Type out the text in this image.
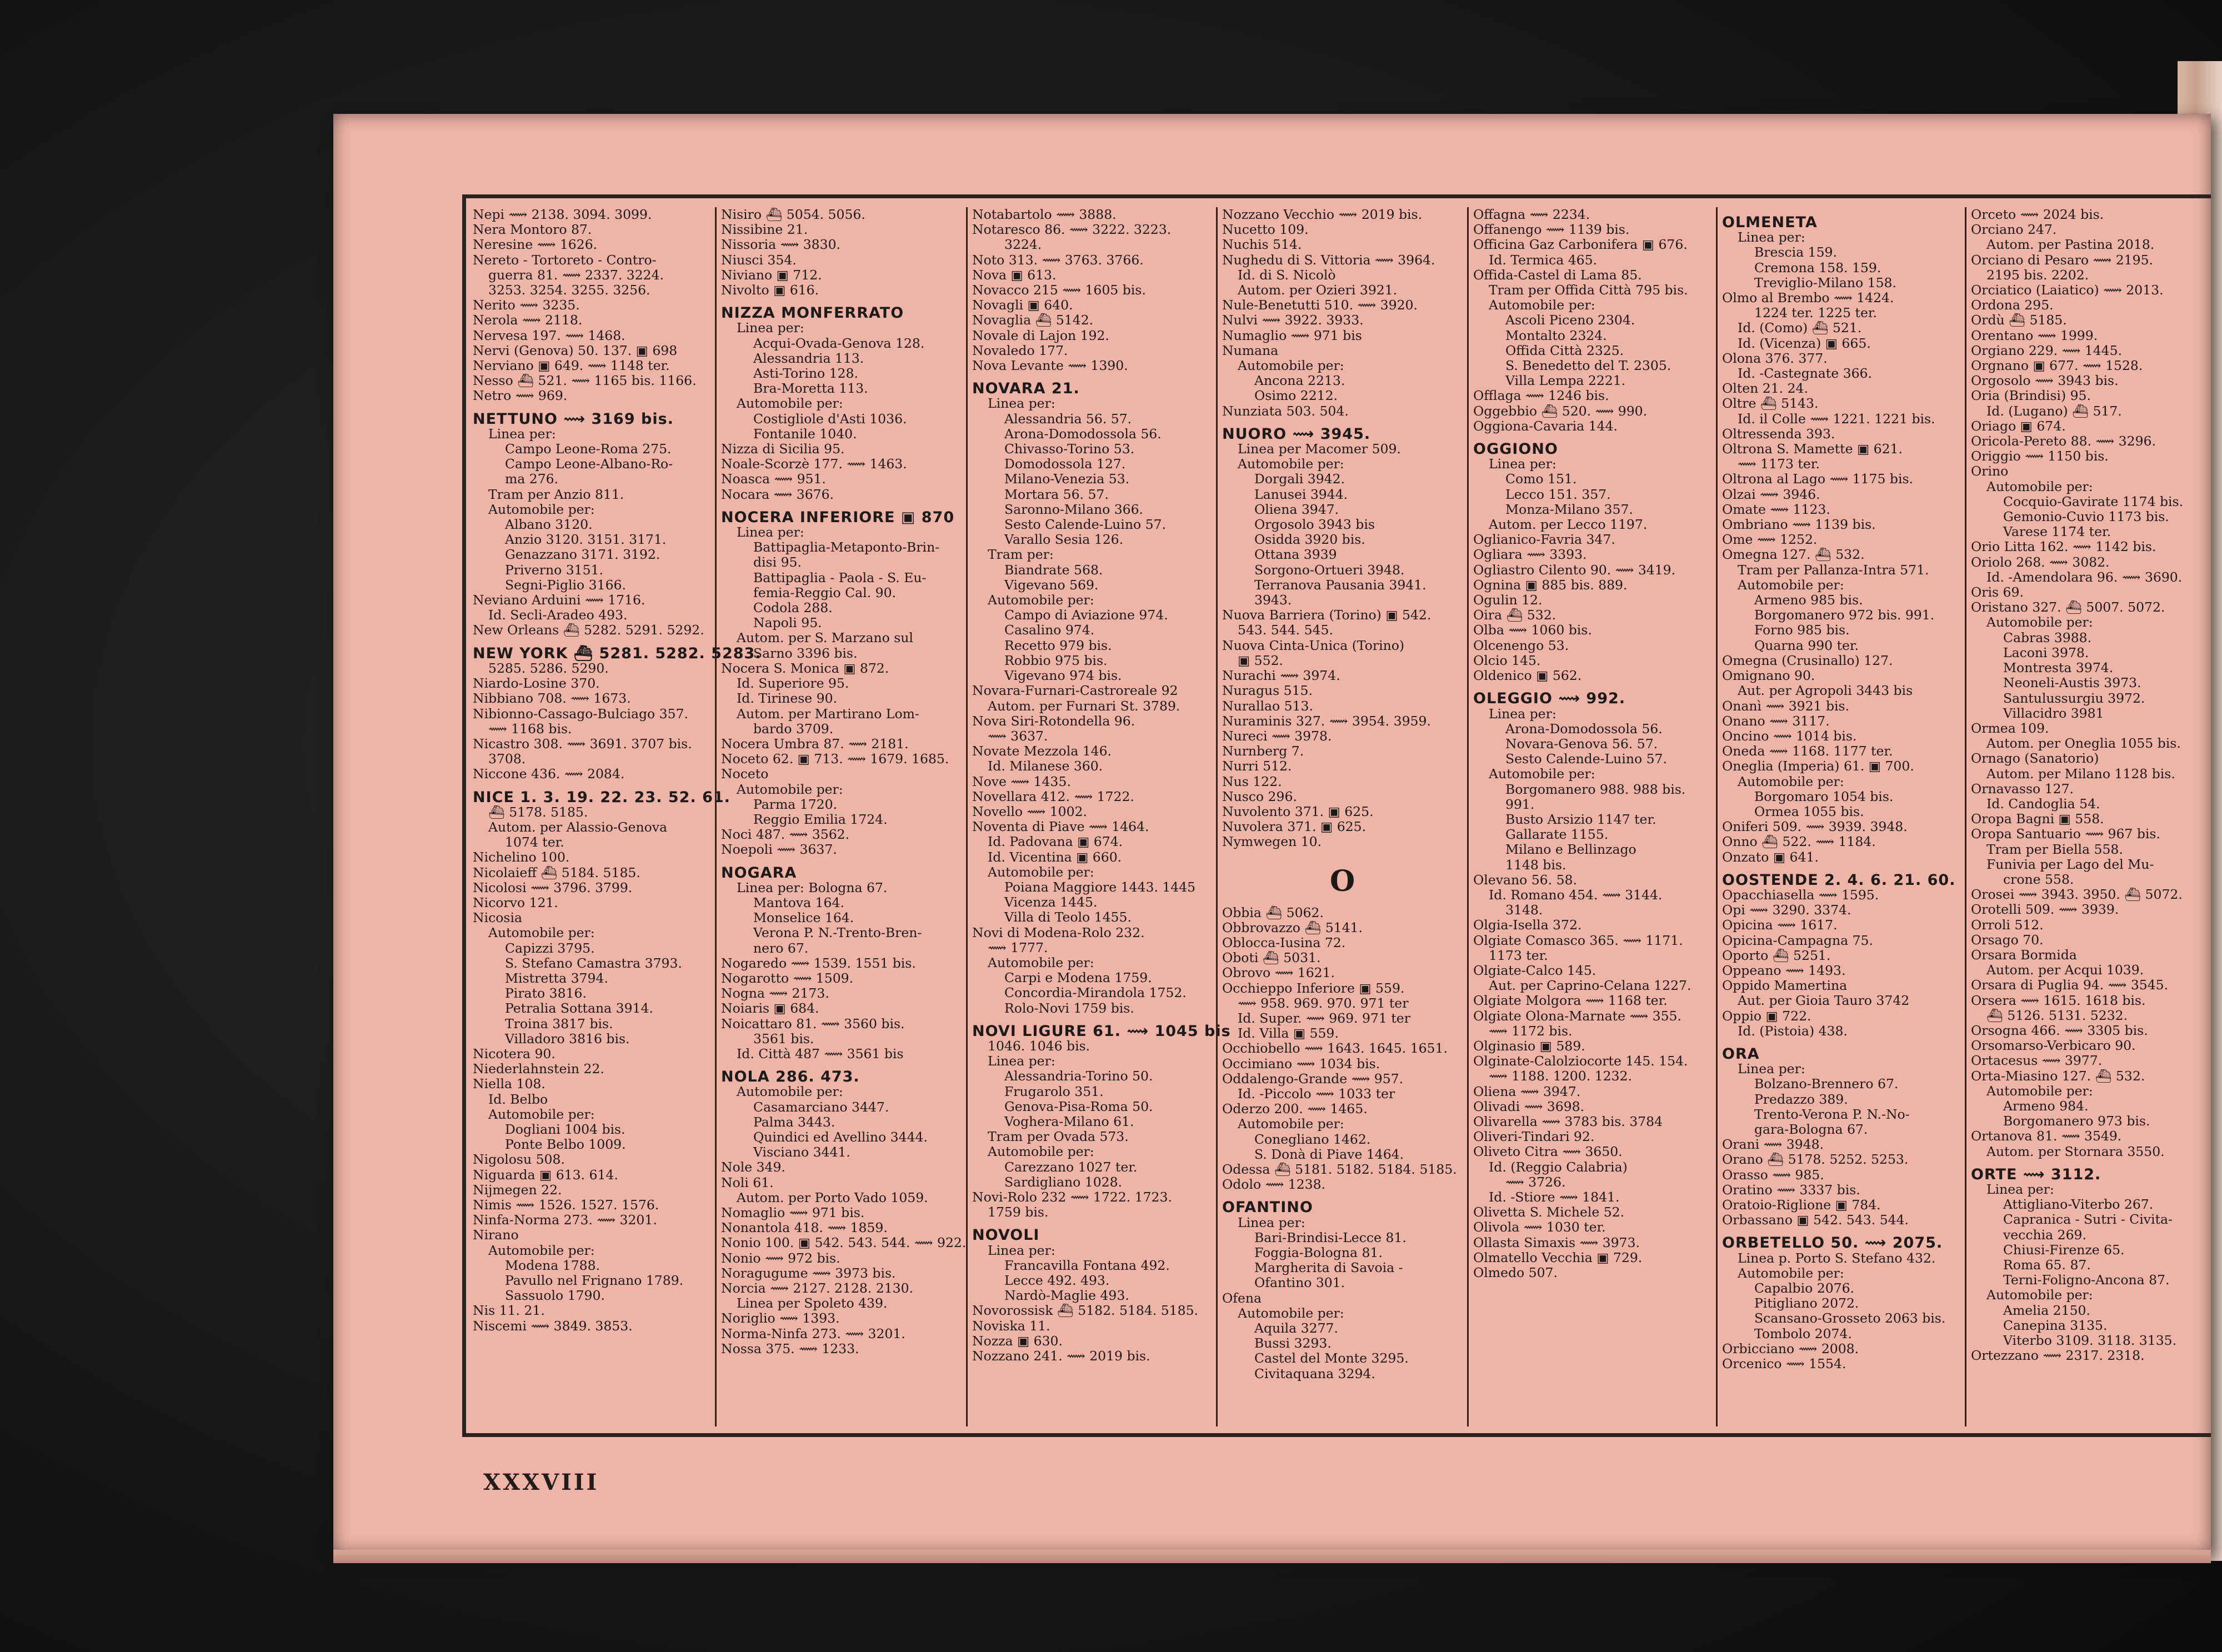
Nepi ⟿ 2138. 3094. 3099.

Nera Montoro 87.

Neresine ⟿ 1626.

Nereto - Tortoreto - Contro-

guerra 81. ⟿ 2337. 3224.

3253. 3254. 3255. 3256.

Nerito ⟿ 3235.

Nerola ⟿ 2118.

Nervesa 197. ⟿ 1468.

Nervi (Genova) 50. 137. ▣ 698

Nerviano ▣ 649. ⟿ 1148 ter.

Nesso ⛴ 521. ⟿ 1165 bis. 1166.

Netro ⟿ 969.

NETTUNO ⟿ 3169 bis.

Linea per:

Campo Leone-Roma 275.

Campo Leone-Albano-Ro-

ma 276.

Tram per Anzio 811.

Automobile per:

Albano 3120.

Anzio 3120. 3151. 3171.

Genazzano 3171. 3192.

Priverno 3151.

Segni-Piglio 3166.

Neviano Arduini ⟿ 1716.

Id. Secli-Aradeo 493.

New Orleans ⛴ 5282. 5291. 5292.

NEW YORK ⛴ 5281. 5282. 5283.

5285. 5286. 5290.

Niardo-Losine 370.

Nibbiano 708. ⟿ 1673.

Nibionno-Cassago-Bulciago 357.

⟿ 1168 bis.

Nicastro 308. ⟿ 3691. 3707 bis.

3708.

Niccone 436. ⟿ 2084.

NICE 1. 3. 19. 22. 23. 52. 61.

⛴ 5178. 5185.

Autom. per Alassio-Genova

1074 ter.

Nichelino 100.

Nicolaieff ⛴ 5184. 5185.

Nicolosi ⟿ 3796. 3799.

Nicorvo 121.

Nicosia

Automobile per:

Capizzi 3795.

S. Stefano Camastra 3793.

Mistretta 3794.

Pirato 3816.

Petralia Sottana 3914.

Troina 3817 bis.

Villadoro 3816 bis.

Nicotera 90.

Niederlahnstein 22.

Niella 108.

Id. Belbo

Automobile per:

Dogliani 1004 bis.

Ponte Belbo 1009.

Nigolosu 508.

Niguarda ▣ 613. 614.

Nijmegen 22.

Nimis ⟿ 1526. 1527. 1576.

Ninfa-Norma 273. ⟿ 3201.

Nirano

Automobile per:

Modena 1788.

Pavullo nel Frignano 1789.

Sassuolo 1790.

Nis 11. 21.

Niscemi ⟿ 3849. 3853.

Nisiro ⛴ 5054. 5056.

Nissibine 21.

Nissoria ⟿ 3830.

Niusci 354.

Niviano ▣ 712.

Nivolto ▣ 616.

NIZZA MONFERRATO

Linea per:

Acqui-Ovada-Genova 128.

Alessandria 113.

Asti-Torino 128.

Bra-Moretta 113.

Automobile per:

Costigliole d'Asti 1036.

Fontanile 1040.

Nizza di Sicilia 95.

Noale-Scorzè 177. ⟿ 1463.

Noasca ⟿ 951.

Nocara ⟿ 3676.

NOCERA INFERIORE ▣ 870

Linea per:

Battipaglia-Metaponto-Brin-

disi 95.

Battipaglia - Paola - S. Eu-

femia-Reggio Cal. 90.

Codola 288.

Napoli 95.

Autom. per S. Marzano sul

Sarno 3396 bis.

Nocera S. Monica ▣ 872.

Id. Superiore 95.

Id. Tirinese 90.

Autom. per Martirano Lom-

bardo 3709.

Nocera Umbra 87. ⟿ 2181.

Noceto 62. ▣ 713. ⟿ 1679. 1685.

Noceto

Automobile per:

Parma 1720.

Reggio Emilia 1724.

Noci 487. ⟿ 3562.

Noepoli ⟿ 3637.

NOGARA

Linea per: Bologna 67.

Mantova 164.

Monselice 164.

Verona P. N.-Trento-Bren-

nero 67.

Nogaredo ⟿ 1539. 1551 bis.

Nogarotto ⟿ 1509.

Nogna ⟿ 2173.

Noiaris ▣ 684.

Noicattaro 81. ⟿ 3560 bis.

3561 bis.

Id. Città 487 ⟿ 3561 bis

NOLA 286. 473.

Automobile per:

Casamarciano 3447.

Palma 3443.

Quindici ed Avellino 3444.

Visciano 3441.

Nole 349.

Noli 61.

Autom. per Porto Vado 1059.

Nomaglio ⟿ 971 bis.

Nonantola 418. ⟿ 1859.

Nonio 100. ▣ 542. 543. 544. ⟿ 922.

Nonio ⟿ 972 bis.

Noragugume ⟿ 3973 bis.

Norcia ⟿ 2127. 2128. 2130.

Linea per Spoleto 439.

Noriglio ⟿ 1393.

Norma-Ninfa 273. ⟿ 3201.

Nossa 375. ⟿ 1233.

Notabartolo ⟿ 3888.

Notaresco 86. ⟿ 3222. 3223.

3224.

Noto 313. ⟿ 3763. 3766.

Nova ▣ 613.

Novacco 215 ⟿ 1605 bis.

Novagli ▣ 640.

Novaglia ⛴ 5142.

Novale di Lajon 192.

Novaledo 177.

Nova Levante ⟿ 1390.

NOVARA 21.

Linea per:

Alessandria 56. 57.

Arona-Domodossola 56.

Chivasso-Torino 53.

Domodossola 127.

Milano-Venezia 53.

Mortara 56. 57.

Saronno-Milano 366.

Sesto Calende-Luino 57.

Varallo Sesia 126.

Tram per:

Biandrate 568.

Vigevano 569.

Automobile per:

Campo di Aviazione 974.

Casalino 974.

Recetto 979 bis.

Robbio 975 bis.

Vigevano 974 bis.

Novara-Furnari-Castroreale 92

Autom. per Furnari St. 3789.

Nova Siri-Rotondella 96.

⟿ 3637.

Novate Mezzola 146.

Id. Milanese 360.

Nove ⟿ 1435.

Novellara 412. ⟿ 1722.

Novello ⟿ 1002.

Noventa di Piave ⟿ 1464.

Id. Padovana ▣ 674.

Id. Vicentina ▣ 660.

Automobile per:

Poiana Maggiore 1443. 1445

Vicenza 1445.

Villa di Teolo 1455.

Novi di Modena-Rolo 232.

⟿ 1777.

Automobile per:

Carpi e Modena 1759.

Concordia-Mirandola 1752.

Rolo-Novi 1759 bis.

NOVI LIGURE 61. ⟿ 1045 bis

1046. 1046 bis.

Linea per:

Alessandria-Torino 50.

Frugarolo 351.

Genova-Pisa-Roma 50.

Voghera-Milano 61.

Tram per Ovada 573.

Automobile per:

Carezzano 1027 ter.

Sardigliano 1028.

Novi-Rolo 232 ⟿ 1722. 1723.

1759 bis.

NOVOLI

Linea per:

Francavilla Fontana 492.

Lecce 492. 493.

Nardò-Maglie 493.

Novorossisk ⛴ 5182. 5184. 5185.

Noviska 11.

Nozza ▣ 630.

Nozzano 241. ⟿ 2019 bis.

Nozzano Vecchio ⟿ 2019 bis.

Nucetto 109.

Nuchis 514.

Nughedu di S. Vittoria ⟿ 3964.

Id. di S. Nicolò

Autom. per Ozieri 3921.

Nule-Benetutti 510. ⟿ 3920.

Nulvi ⟿ 3922. 3933.

Numaglio ⟿ 971 bis

Numana

Automobile per:

Ancona 2213.

Osimo 2212.

Nunziata 503. 504.

NUORO ⟿ 3945.

Linea per Macomer 509.

Automobile per:

Dorgali 3942.

Lanusei 3944.

Oliena 3947.

Orgosolo 3943 bis

Osidda 3920 bis.

Ottana 3939

Sorgono-Ortueri 3948.

Terranova Pausania 3941.

3943.

Nuova Barriera (Torino) ▣ 542.

543. 544. 545.

Nuova Cinta-Unica (Torino)

▣ 552.

Nurachi ⟿ 3974.

Nuragus 515.

Nurallao 513.

Nuraminis 327. ⟿ 3954. 3959.

Nureci ⟿ 3978.

Nurnberg 7.

Nurri 512.

Nus 122.

Nusco 296.

Nuvolento 371. ▣ 625.

Nuvolera 371. ▣ 625.

Nymwegen 10.

O

Obbia ⛴ 5062.

Obbrovazzo ⛴ 5141.

Oblocca-Iusina 72.

Oboti ⛴ 5031.

Obrovo ⟿ 1621.

Occhieppo Inferiore ▣ 559.

⟿ 958. 969. 970. 971 ter

Id. Super. ⟿ 969. 971 ter

Id. Villa ▣ 559.

Occhiobello ⟿ 1643. 1645. 1651.

Occimiano ⟿ 1034 bis.

Oddalengo-Grande ⟿ 957.

Id. -Piccolo ⟿ 1033 ter

Oderzo 200. ⟿ 1465.

Automobile per:

Conegliano 1462.

S. Donà di Piave 1464.

Odessa ⛴ 5181. 5182. 5184. 5185.

Odolo ⟿ 1238.

OFANTINO

Linea per:

Bari-Brindisi-Lecce 81.

Foggia-Bologna 81.

Margherita di Savoia -

Ofantino 301.

Ofena

Automobile per:

Aquila 3277.

Bussi 3293.

Castel del Monte 3295.

Civitaquana 3294.

Offagna ⟿ 2234.

Offanengo ⟿ 1139 bis.

Officina Gaz Carbonifera ▣ 676.

Id. Termica 465.

Offida-Castel di Lama 85.

Tram per Offida Città 795 bis.

Automobile per:

Ascoli Piceno 2304.

Montalto 2324.

Offida Città 2325.

S. Benedetto del T. 2305.

Villa Lempa 2221.

Offlaga ⟿ 1246 bis.

Oggebbio ⛴ 520. ⟿ 990.

Oggiona-Cavaria 144.

OGGIONO

Linea per:

Como 151.

Lecco 151. 357.

Monza-Milano 357.

Autom. per Lecco 1197.

Oglianico-Favria 347.

Ogliara ⟿ 3393.

Ogliastro Cilento 90. ⟿ 3419.

Ognina ▣ 885 bis. 889.

Ogulin 12.

Oira ⛴ 532.

Olba ⟿ 1060 bis.

Olcenengo 53.

Olcio 145.

Oldenico ▣ 562.

OLEGGIO ⟿ 992.

Linea per:

Arona-Domodossola 56.

Novara-Genova 56. 57.

Sesto Calende-Luino 57.

Automobile per:

Borgomanero 988. 988 bis.

991.

Busto Arsizio 1147 ter.

Gallarate 1155.

Milano e Bellinzago

1148 bis.

Olevano 56. 58.

Id. Romano 454. ⟿ 3144.

3148.

Olgia-Isella 372.

Olgiate Comasco 365. ⟿ 1171.

1173 ter.

Olgiate-Calco 145.

Aut. per Caprino-Celana 1227.

Olgiate Molgora ⟿ 1168 ter.

Olgiate Olona-Marnate ⟿ 355.

⟿ 1172 bis.

Olginasio ▣ 589.

Olginate-Calolziocorte 145. 154.

⟿ 1188. 1200. 1232.

Oliena ⟿ 3947.

Olivadi ⟿ 3698.

Olivarella ⟿ 3783 bis. 3784

Oliveri-Tindari 92.

Oliveto Citra ⟿ 3650.

Id. (Reggio Calabria)

⟿ 3726.

Id. -Stiore ⟿ 1841.

Olivetta S. Michele 52.

Olivola ⟿ 1030 ter.

Ollasta Simaxis ⟿ 3973.

Olmatello Vecchia ▣ 729.

Olmedo 507.

OLMENETA

Linea per:

Brescia 159.

Cremona 158. 159.

Treviglio-Milano 158.

Olmo al Brembo ⟿ 1424.

1224 ter. 1225 ter.

Id. (Como) ⛴ 521.

Id. (Vicenza) ▣ 665.

Olona 376. 377.

Id. -Castegnate 366.

Olten 21. 24.

Oltre ⛴ 5143.

Id. il Colle ⟿ 1221. 1221 bis.

Oltressenda 393.

Oltrona S. Mamette ▣ 621.

⟿ 1173 ter.

Oltrona al Lago ⟿ 1175 bis.

Olzai ⟿ 3946.

Omate ⟿ 1123.

Ombriano ⟿ 1139 bis.

Ome ⟿ 1252.

Omegna 127. ⛴ 532.

Tram per Pallanza-Intra 571.

Automobile per:

Armeno 985 bis.

Borgomanero 972 bis. 991.

Forno 985 bis.

Quarna 990 ter.

Omegna (Crusinallo) 127.

Omignano 90.

Aut. per Agropoli 3443 bis

Onanì ⟿ 3921 bis.

Onano ⟿ 3117.

Oncino ⟿ 1014 bis.

Oneda ⟿ 1168. 1177 ter.

Oneglia (Imperia) 61. ▣ 700.

Automobile per:

Borgomaro 1054 bis.

Ormea 1055 bis.

Oniferi 509. ⟿ 3939. 3948.

Onno ⛴ 522. ⟿ 1184.

Onzato ▣ 641.

OOSTENDE 2. 4. 6. 21. 60.

Opacchiasella ⟿ 1595.

Opi ⟿ 3290. 3374.

Opicina ⟿ 1617.

Opicina-Campagna 75.

Oporto ⛴ 5251.

Oppeano ⟿ 1493.

Oppido Mamertina

Aut. per Gioia Tauro 3742

Oppio ▣ 722.

Id. (Pistoia) 438.

ORA

Linea per:

Bolzano-Brennero 67.

Predazzo 389.

Trento-Verona P. N.-No-

gara-Bologna 67.

Orani ⟿ 3948.

Orano ⛴ 5178. 5252. 5253.

Orasso ⟿ 985.

Oratino ⟿ 3337 bis.

Oratoio-Riglione ▣ 784.

Orbassano ▣ 542. 543. 544.

ORBETELLO 50. ⟿ 2075.

Linea p. Porto S. Stefano 432.

Automobile per:

Capalbio 2076.

Pitigliano 2072.

Scansano-Grosseto 2063 bis.

Tombolo 2074.

Orbicciano ⟿ 2008.

Orcenico ⟿ 1554.

Orceto ⟿ 2024 bis.

Orciano 247.

Autom. per Pastina 2018.

Orciano di Pesaro ⟿ 2195.

2195 bis. 2202.

Orciatico (Laiatico) ⟿ 2013.

Ordona 295.

Ordù ⛴ 5185.

Orentano ⟿ 1999.

Orgiano 229. ⟿ 1445.

Orgnano ▣ 677. ⟿ 1528.

Orgosolo ⟿ 3943 bis.

Oria (Brindisi) 95.

Id. (Lugano) ⛴ 517.

Oriago ▣ 674.

Oricola-Pereto 88. ⟿ 3296.

Origgio ⟿ 1150 bis.

Orino

Automobile per:

Cocquio-Gavirate 1174 bis.

Gemonio-Cuvio 1173 bis.

Varese 1174 ter.

Orio Litta 162. ⟿ 1142 bis.

Oriolo 268. ⟿ 3082.

Id. -Amendolara 96. ⟿ 3690.

Oris 69.

Oristano 327. ⛴ 5007. 5072.

Automobile per:

Cabras 3988.

Laconi 3978.

Montresta 3974.

Neoneli-Austis 3973.

Santulussurgiu 3972.

Villacidro 3981

Ormea 109.

Autom. per Oneglia 1055 bis.

Ornago (Sanatorio)

Autom. per Milano 1128 bis.

Ornavasso 127.

Id. Candoglia 54.

Oropa Bagni ▣ 558.

Oropa Santuario ⟿ 967 bis.

Tram per Biella 558.

Funivia per Lago del Mu-

crone 558.

Orosei ⟿ 3943. 3950. ⛴ 5072.

Orotelli 509. ⟿ 3939.

Orroli 512.

Orsago 70.

Orsara Bormida

Autom. per Acqui 1039.

Orsara di Puglia 94. ⟿ 3545.

Orsera ⟿ 1615. 1618 bis.

⛴ 5126. 5131. 5232.

Orsogna 466. ⟿ 3305 bis.

Orsomarso-Verbicaro 90.

Ortacesus ⟿ 3977.

Orta-Miasino 127. ⛴ 532.

Automobile per:

Armeno 984.

Borgomanero 973 bis.

Ortanova 81. ⟿ 3549.

Autom. per Stornara 3550.

ORTE ⟿ 3112.

Linea per:

Attigliano-Viterbo 267.

Capranica - Sutri - Civita-

vecchia 269.

Chiusi-Firenze 65.

Roma 65. 87.

Terni-Foligno-Ancona 87.

Automobile per:

Amelia 2150.

Canepina 3135.

Viterbo 3109. 3118. 3135.

Ortezzano ⟿ 2317. 2318.

XXXVIII
